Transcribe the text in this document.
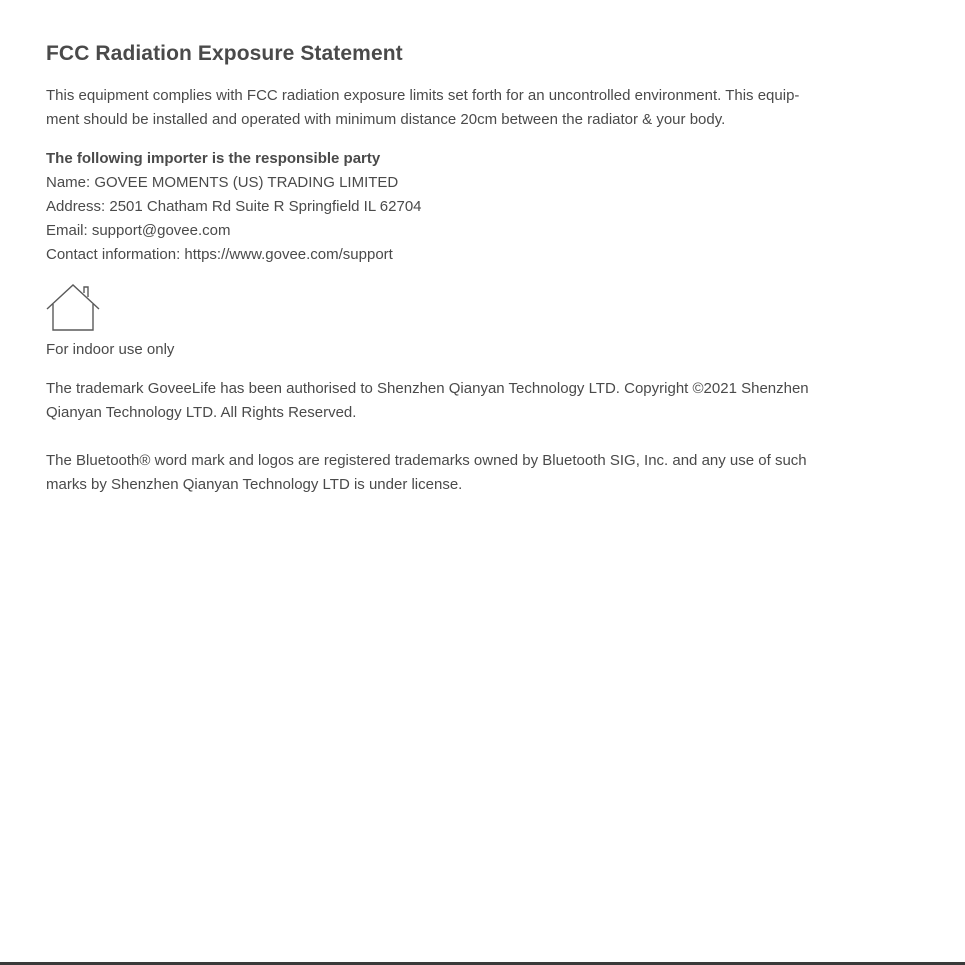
FCC Radiation Exposure Statement

This equipment complies with FCC radiation exposure limits set forth for an uncontrolled environment. This equip-

ment should be installed and operated with minimum distance 20cm between the radiator & your body.

The following importer is the responsible party

Name: GOVEE MOMENTS (US) TRADING LIMITED

Address: 2501 Chatham Rd Suite R Springfield IL 62704

Email: support@govee.com

Contact information: https://www.govee.com/support

For indoor use only

The trademark GoveeLife has been authorised to Shenzhen Qianyan Technology LTD. Copyright ©2021 Shenzhen

Qianyan Technology LTD. All Rights Reserved.

The Bluetooth® word mark and logos are registered trademarks owned by Bluetooth SIG, Inc. and any use of such

marks by Shenzhen Qianyan Technology LTD is under license.
